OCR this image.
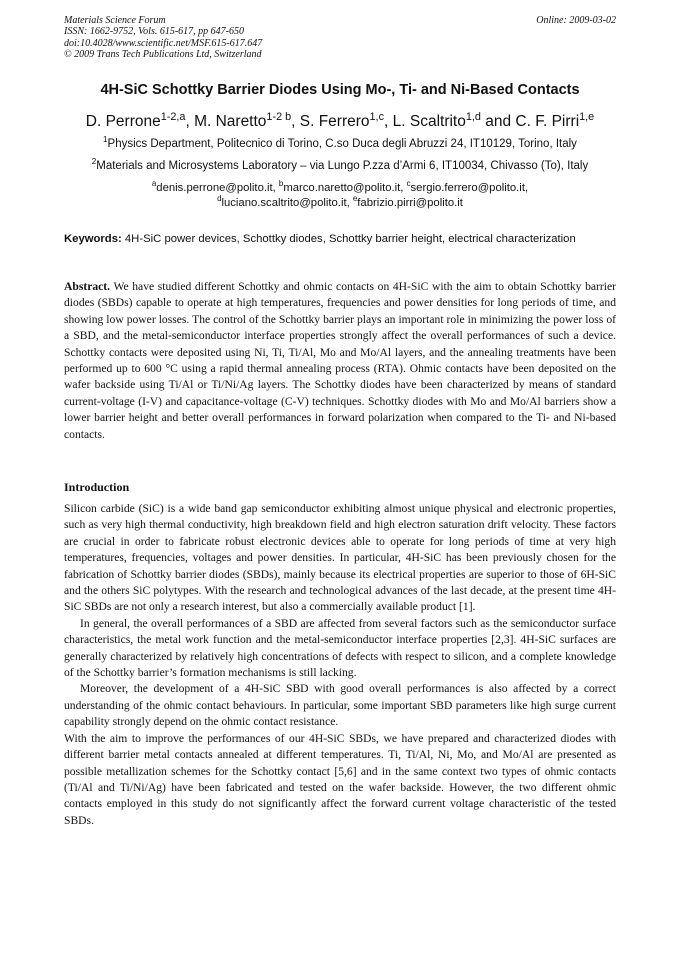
Materials Science Forum
ISSN: 1662-9752, Vols. 615-617, pp 647-650
doi:10.4028/www.scientific.net/MSF.615-617.647
© 2009 Trans Tech Publications Ltd, Switzerland
Online: 2009-03-02
4H-SiC Schottky Barrier Diodes Using Mo-, Ti- and Ni-Based Contacts
D. Perrone$^{1-2,a}$, M. Naretto$^{1-2 b}$, S. Ferrero$^{1,c}$, L. Scaltrito$^{1,d}$ and C. F. Pirri$^{1,e}$
$^1$Physics Department, Politecnico di Torino, C.so Duca degli Abruzzi 24, IT10129, Torino, Italy
$^2$Materials and Microsystems Laboratory – via Lungo P.zza d’Armi 6, IT10034, Chivasso (To), Italy
$^a$denis.perrone@polito.it, $^b$marco.naretto@polito.it, $^c$sergio.ferrero@polito.it,
$^d$luciano.scaltrito@polito.it, $^e$fabrizio.pirri@polito.it
Keywords: 4H-SiC power devices, Schottky diodes, Schottky barrier height, electrical characterization

Abstract. We have studied different Schottky and ohmic contacts on 4H-SiC with the aim to obtain Schottky barrier diodes (SBDs) capable to operate at high temperatures, frequencies and power densities for long periods of time, and showing low power losses. The control of the Schottky barrier plays an important role in minimizing the power loss of a SBD, and the metal-semiconductor interface properties strongly affect the overall performances of such a device. Schottky contacts were deposited using Ni, Ti, Ti/Al, Mo and Mo/Al layers, and the annealing treatments have been performed up to 600 °C using a rapid thermal annealing process (RTA). Ohmic contacts have been deposited on the wafer backside using Ti/Al or Ti/Ni/Ag layers. The Schottky diodes have been characterized by means of standard current-voltage (I-V) and capacitance-voltage (C-V) techniques. Schottky diodes with Mo and Mo/Al barriers show a lower barrier height and better overall performances in forward polarization when compared to the Ti- and Ni-based contacts.

Introduction

Silicon carbide (SiC) is a wide band gap semiconductor exhibiting almost unique physical and electronic properties, such as very high thermal conductivity, high breakdown field and high electron saturation drift velocity. These factors are crucial in order to fabricate robust electronic devices able to operate for long periods of time at very high temperatures, frequencies, voltages and power densities. In particular, 4H-SiC has been previously chosen for the fabrication of Schottky barrier diodes (SBDs), mainly because its electrical properties are superior to those of 6H-SiC and the others SiC polytypes. With the research and technological advances of the last decade, at the present time 4H-SiC SBDs are not only a research interest, but also a commercially available product [1].

In general, the overall performances of a SBD are affected from several factors such as the semiconductor surface characteristics, the metal work function and the metal-semiconductor interface properties [2,3]. 4H-SiC surfaces are generally characterized by relatively high concentrations of defects with respect to silicon, and a complete knowledge of the Schottky barrier’s formation mechanisms is still lacking.

Moreover, the development of a 4H-SiC SBD with good overall performances is also affected by a correct understanding of the ohmic contact behaviours. In particular, some important SBD parameters like high surge current capability strongly depend on the ohmic contact resistance.

With the aim to improve the performances of our 4H-SiC SBDs, we have prepared and characterized diodes with different barrier metal contacts annealed at different temperatures. Ti, Ti/Al, Ni, Mo, and Mo/Al are presented as possible metallization schemes for the Schottky contact [5,6] and in the same context two types of ohmic contacts (Ti/Al and Ti/Ni/Ag) have been fabricated and tested on the wafer backside. However, the two different ohmic contacts employed in this study do not significantly affect the forward current voltage characteristic of the tested SBDs.
